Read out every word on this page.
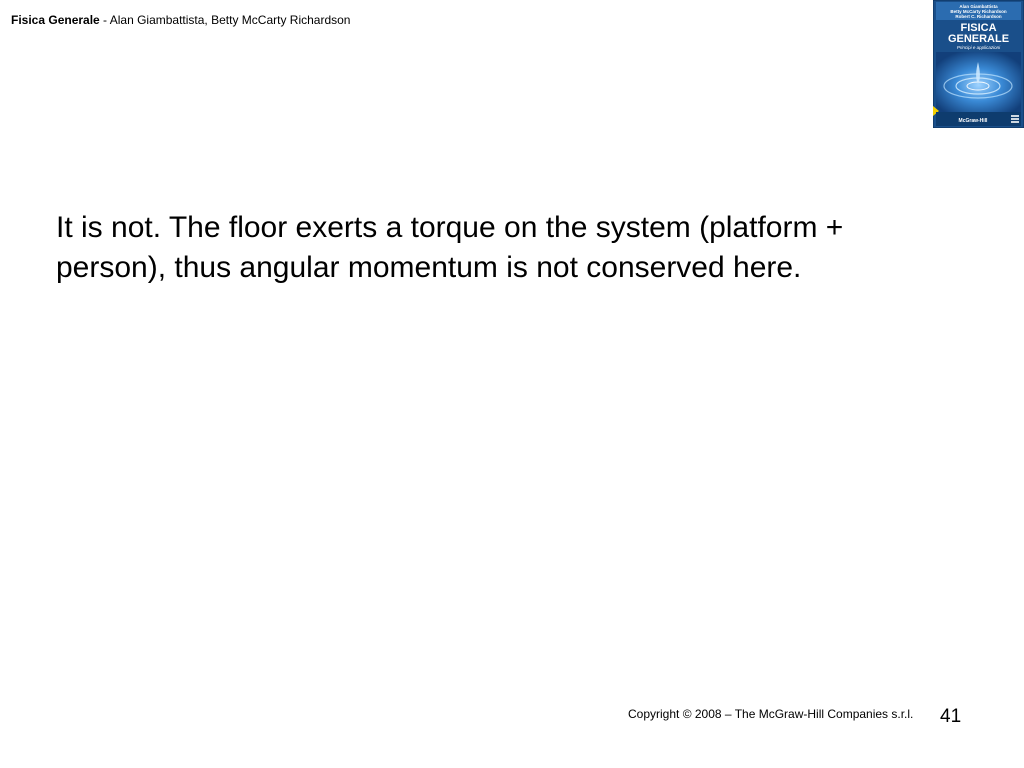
Fisica Generale - Alan Giambattista, Betty McCarty Richardson
Alan Giambattista
Betty McCarty Richardson
Robert C. Richardson
FISICA
GENERALE
Principi e applicazioni
McGraw-Hill
It is not. The floor exerts a torque on the system (platform +
person), thus angular momentum is not conserved here.
Copyright © 2008 – The McGraw-Hill Companies s.r.l. 41
